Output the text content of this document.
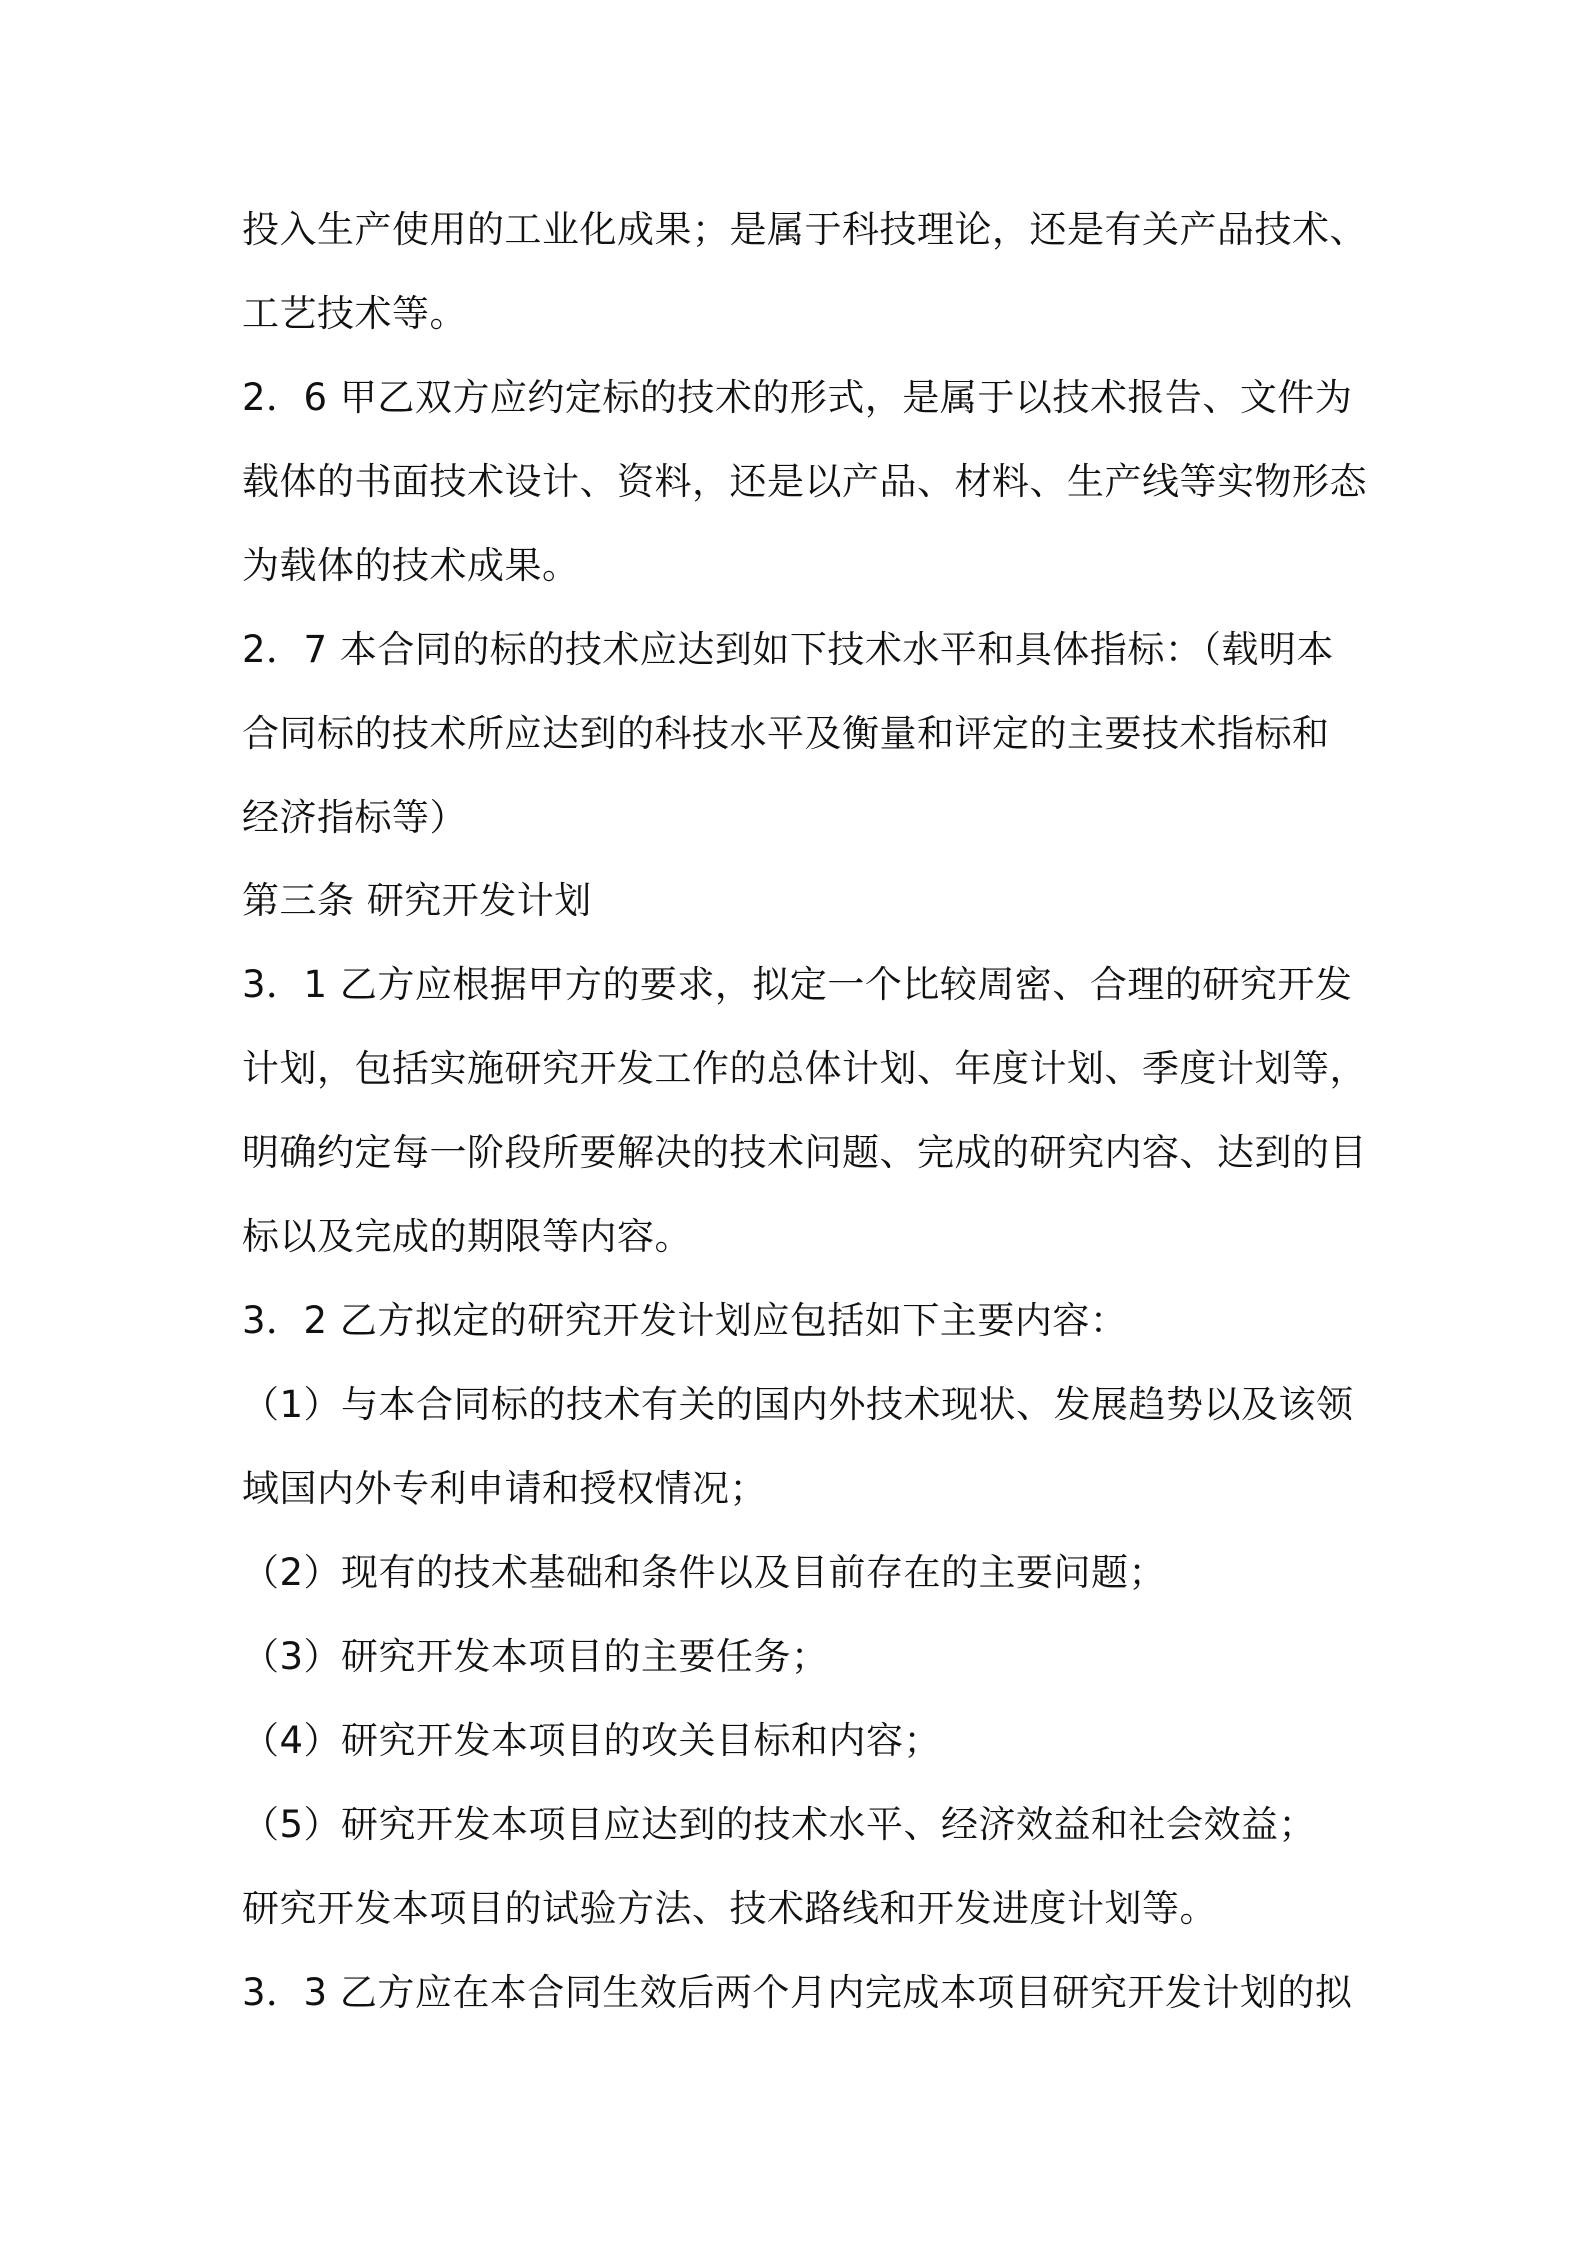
投入生产使用的工业化成果；是属于科技理论，还是有关产品技术、
工艺技术等。
2．6 甲乙双方应约定标的技术的形式，是属于以技术报告、文件为
载体的书面技术设计、资料，还是以产品、材料、生产线等实物形态
为载体的技术成果。
2．7 本合同的标的技术应达到如下技术水平和具体指标：（载明本
合同标的技术所应达到的科技水平及衡量和评定的主要技术指标和
经济指标等）
第三条 研究开发计划
3．1 乙方应根据甲方的要求，拟定一个比较周密、合理的研究开发
计划，包括实施研究开发工作的总体计划、年度计划、季度计划等，
明确约定每一阶段所要解决的技术问题、完成的研究内容、达到的目
标以及完成的期限等内容。
3．2 乙方拟定的研究开发计划应包括如下主要内容：
（1）与本合同标的技术有关的国内外技术现状、发展趋势以及该领
域国内外专利申请和授权情况；
（2）现有的技术基础和条件以及目前存在的主要问题；
（3）研究开发本项目的主要任务；
（4）研究开发本项目的攻关目标和内容；
（5）研究开发本项目应达到的技术水平、经济效益和社会效益；
研究开发本项目的试验方法、技术路线和开发进度计划等。
3．3 乙方应在本合同生效后两个月内完成本项目研究开发计划的拟
